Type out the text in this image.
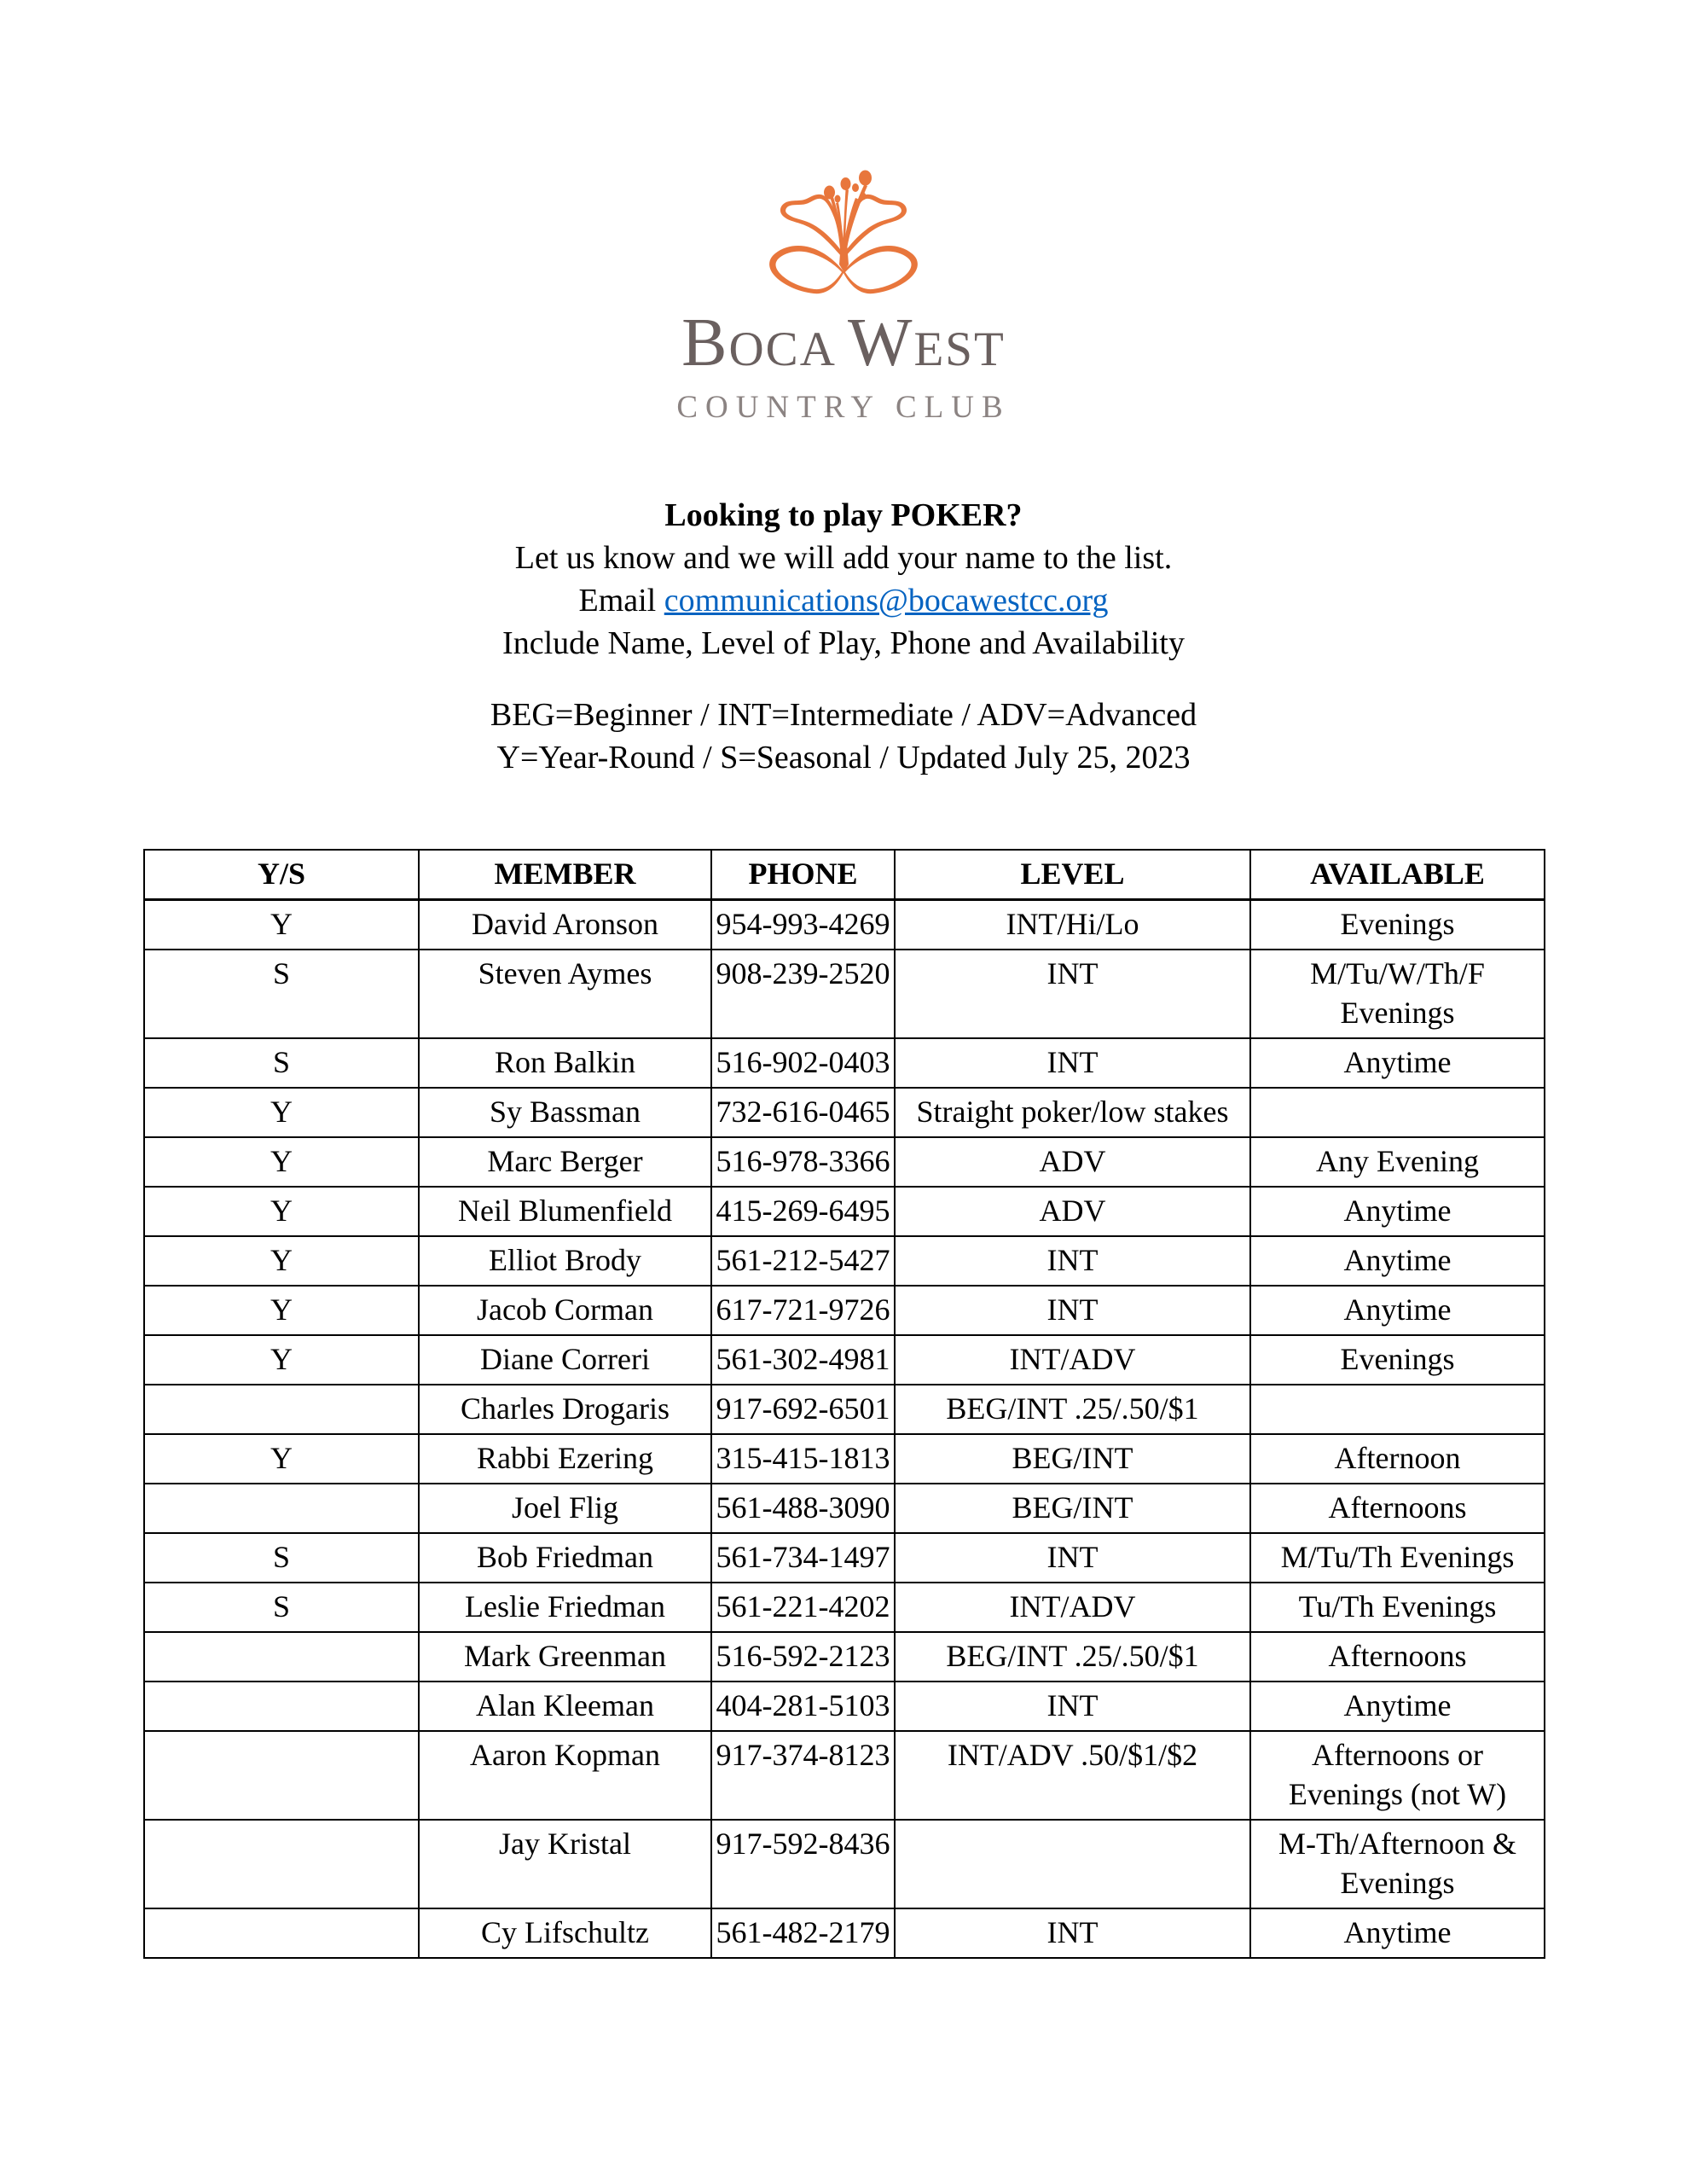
BOCA WEST
COUNTRY CLUB
Looking to play POKER?
Let us know and we will add your name to the list.
Email communications@bocawestcc.org
Include Name, Level of Play, Phone and Availability
BEG=Beginner / INT=Intermediate / ADV=Advanced
Y=Year-Round / S=Seasonal / Updated July 25, 2023
Y/S	MEMBER	PHONE	LEVEL	AVAILABLE
Y	David Aronson	954-993-4269	INT/Hi/Lo	Evenings
S	Steven Aymes	908-239-2520	INT	M/Tu/W/Th/F Evenings
S	Ron Balkin	516-902-0403	INT	Anytime
Y	Sy Bassman	732-616-0465	Straight poker/low stakes	
Y	Marc Berger	516-978-3366	ADV	Any Evening
Y	Neil Blumenfield	415-269-6495	ADV	Anytime
Y	Elliot Brody	561-212-5427	INT	Anytime
Y	Jacob Corman	617-721-9726	INT	Anytime
Y	Diane Correri	561-302-4981	INT/ADV	Evenings
	Charles Drogaris	917-692-6501	BEG/INT .25/.50/$1	
Y	Rabbi Ezering	315-415-1813	BEG/INT	Afternoon
	Joel Flig	561-488-3090	BEG/INT	Afternoons
S	Bob Friedman	561-734-1497	INT	M/Tu/Th Evenings
S	Leslie Friedman	561-221-4202	INT/ADV	Tu/Th Evenings
	Mark Greenman	516-592-2123	BEG/INT .25/.50/$1	Afternoons
	Alan Kleeman	404-281-5103	INT	Anytime
	Aaron Kopman	917-374-8123	INT/ADV .50/$1/$2	Afternoons or Evenings (not W)
	Jay Kristal	917-592-8436		M-Th/Afternoon & Evenings
	Cy Lifschultz	561-482-2179	INT	Anytime
